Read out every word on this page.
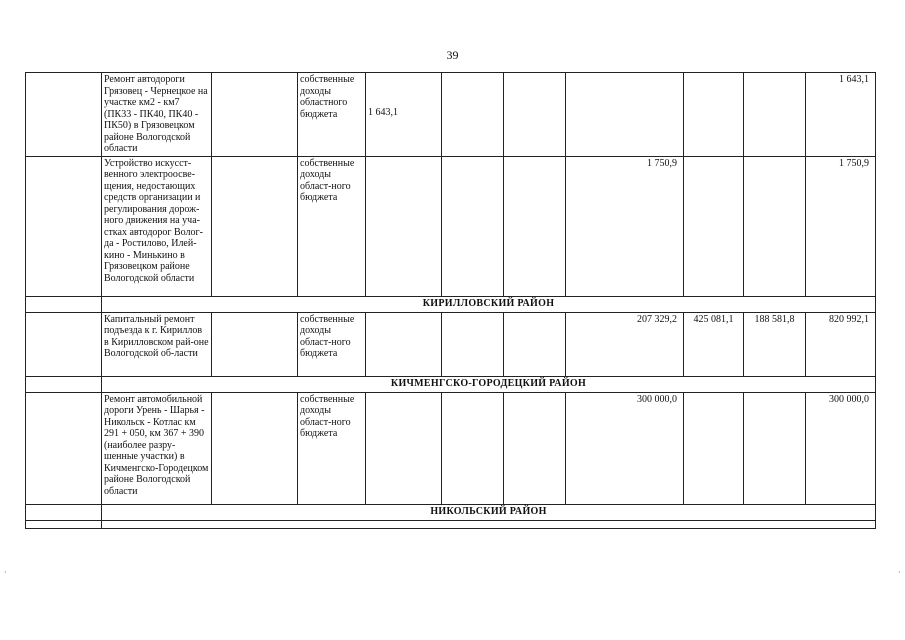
39
	Ремонт автодороги Грязовец - Чернецкое на участке км2 - км7 (ПК33 - ПК40, ПК40 - ПК50) в Грязовецком районе Вологодской области		собственные доходы областного бюджета	1 643,1						1 643,1
	Устройство искусст-венного электроосве-щения, недостающих средств организации и регулирования дорож-ного движения на уча-стках автодорог Волог-да - Ростилово, Илей-кино - Минькино в Грязовецком районе Вологодской области		собственные доходы област-ного бюджета				1 750,9			1 750,9
	КИРИЛЛОВСКИЙ РАЙОН									
	Капитальный ремонт подъезда к г. Кириллов в Кирилловском рай-оне Вологодской об-ласти		собственные доходы област-ного бюджета				207 329,2	425 081,1	188 581,8	820 992,1
	КИЧМЕНГСКО-ГОРОДЕЦКИЙ РАЙОН									
	Ремонт автомобильной дороги Урень - Шарья - Никольск - Котлас км 291 + 050, км 367 + 390 (наиболее разру-шенные участки) в Кичменгско-Городецком районе Вологодской области		собственные доходы област-ного бюджета				300 000,0			300 000,0
	НИКОЛЬСКИЙ РАЙОН									

·	·
